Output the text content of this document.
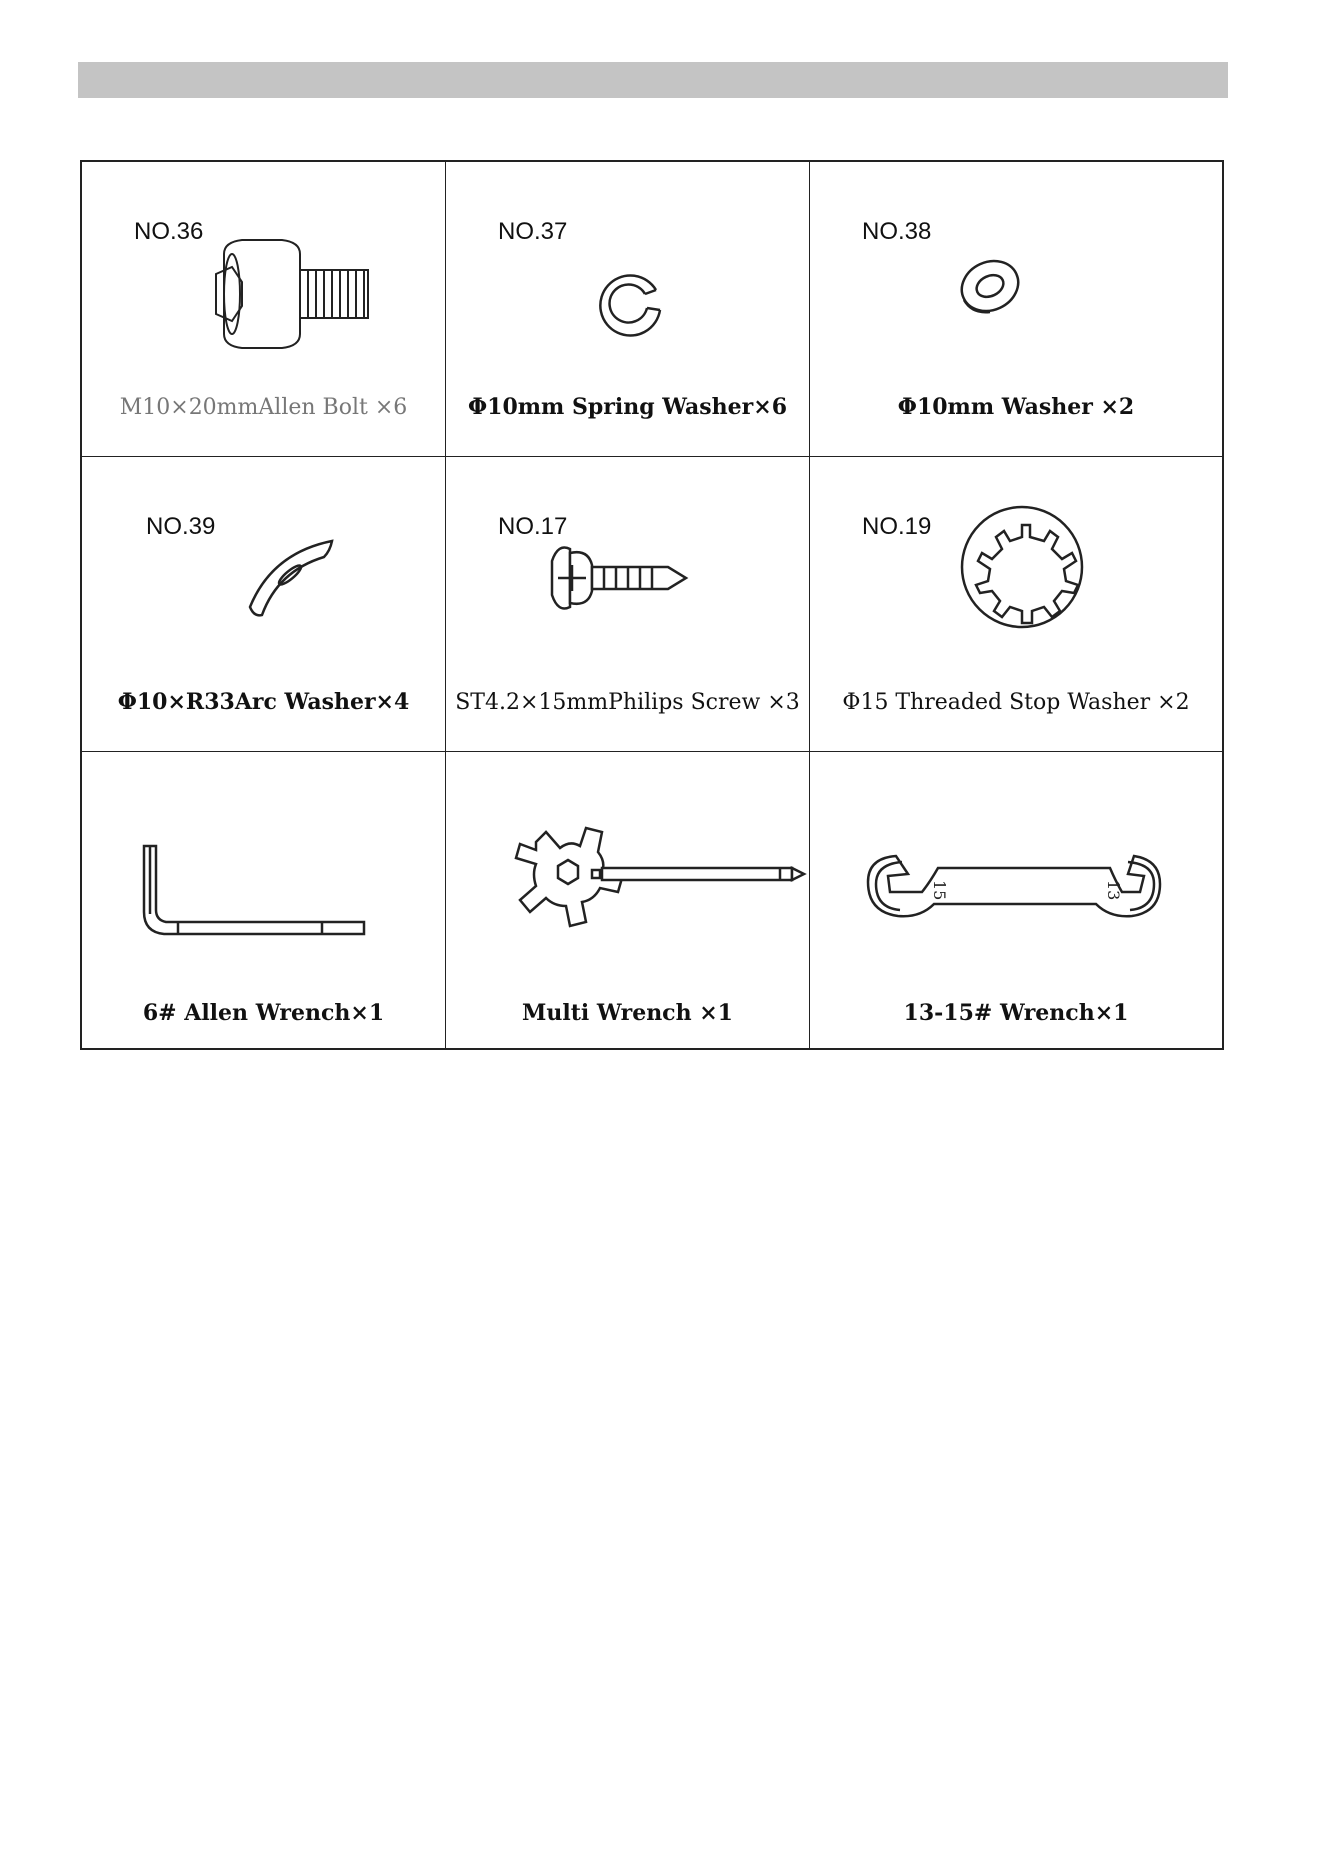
NO.36
M10×20mmAllen Bolt ×6
NO.37
Φ10mm Spring Washer×6
NO.38
Φ10mm Washer ×2
NO.39
Φ10×R33Arc Washer×4
NO.17
ST4.2×15mmPhilips Screw ×3
NO.19
Φ15 Threaded Stop Washer ×2
6# Allen Wrench×1	Multi Wrench ×1
15	13
13-15# Wrench×1
